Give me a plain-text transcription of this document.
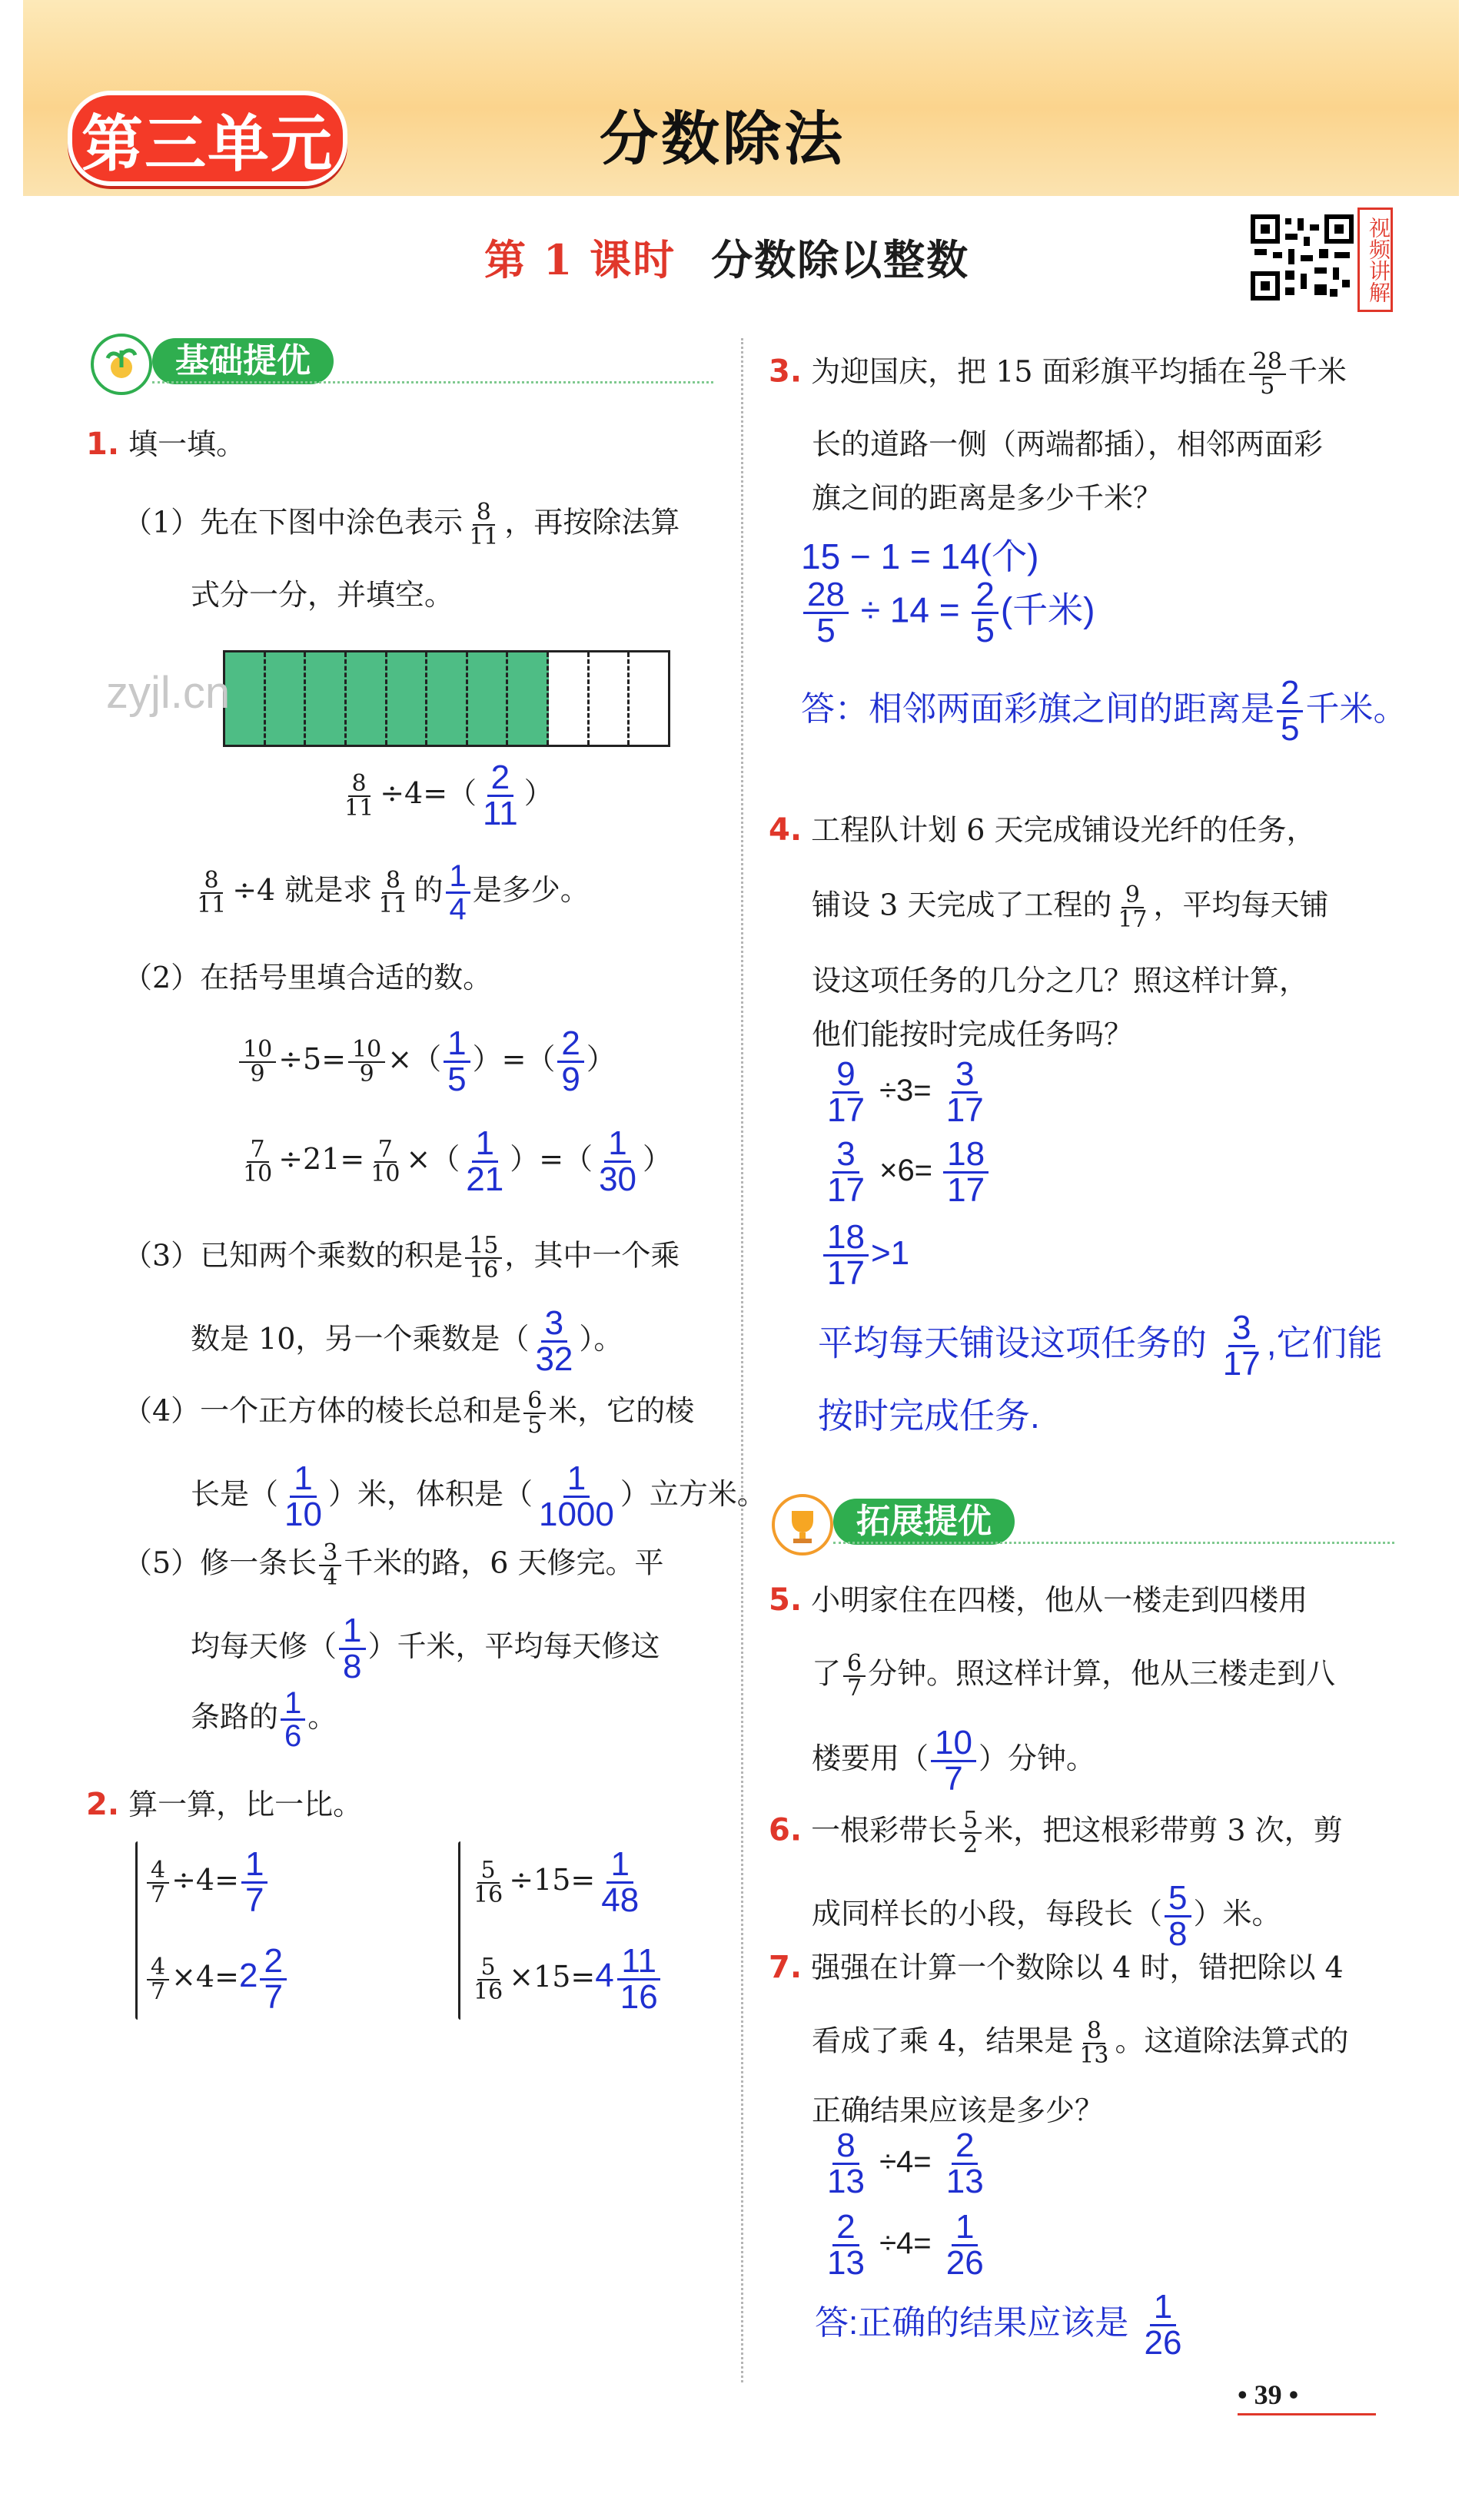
第三单元	分数除法
第 1 课时 分数除以整数	视频讲解
基础提优
1. 填一填。
（1）先在下图中涂色表示 $\frac{8}{11}$ ，再按除法算
式分一分，并填空。
zyjl.cn
$\frac{8}{11} \div 4=( \frac{2}{11}$ ）
$\frac{8}{11} \div 4$ 就是求 $\frac{8}{11}$ 的 $\frac{1}{4}$ 是多少。
（2）在括号里填合适的数。
$\frac{10}{9} \div 5= \frac{10}{9}$ ×（ $\frac{1}{5}$ ）=（ $\frac{2}{9}$ ）
$\frac{7}{10} \div 21= \frac{7}{10}$ ×（ $\frac{1}{21}$ ）=（ $\frac{1}{30}$ ）
（3）已知两个乘数的积是 $\frac{15}{16}$ ，其中一个乘
数是 10，另一个乘数是（ $\frac{3}{32}$ ）。
（4）一个正方体的棱长总和是 $\frac{6}{5}$ 米，它的棱
长是（ $\frac{1}{10}$ ）米，体积是（ $\frac{1}{1000}$ ）立方米。
（5）修一条长 $\frac{3}{4}$ 千米的路，6 天修完。平
均每天修（ $\frac{1}{8}$ ）千米，平均每天修这
条路的 $\frac{1}{6}$ 。
2. 算一算，比一比。
$\frac{4}{7} \div 4= \frac{1}{7}$
$\frac{4}{7} \times 4=2 \frac{2}{7}$
$\frac{5}{16} \div 15= \frac{1}{48}$
$\frac{5}{16} \times 15=4 \frac{11}{16}$
3. 为迎国庆，把 15 面彩旗平均插在 $\frac{28}{5}$ 千米
长的道路一侧（两端都插），相邻两面彩
旗之间的距离是多少千米？
15 − 1 = 14(个)
$\frac{28}{5} \div 14 = \frac{2}{5}$ (千米)
答：相邻两面彩旗之间的距离是 $\frac{2}{5}$ 千米。
4. 工程队计划 6 天完成铺设光纤的任务，
铺设 3 天完成了工程的 $\frac{9}{17}$ ，平均每天铺
设这项任务的几分之几？照这样计算，
他们能按时完成任务吗？
$\frac{9}{17} \div 3= \frac{3}{17}$
$\frac{3}{17} \times 6= \frac{18}{17}$
$\frac{18}{17} >1$
平均每天铺设这项任务的 $\frac{3}{17}$ ,它们能
按时完成任务.
拓展提优
5. 小明家住在四楼，他从一楼走到四楼用
了 $\frac{6}{7}$ 分钟。照这样计算，他从三楼走到八
楼要用（ $\frac{10}{7}$ ）分钟。
6. 一根彩带长 $\frac{5}{2}$ 米，把这根彩带剪 3 次，剪
成同样长的小段，每段长（ $\frac{5}{8}$ ）米。
7. 强强在计算一个数除以 4 时，错把除以 4
看成了乘 4，结果是 $\frac{8}{13}$ 。这道除法算式的
正确结果应该是多少？
$\frac{8}{13} \div 4= \frac{2}{13}$
$\frac{2}{13} \div 4= \frac{1}{26}$
答:正确的结果应该是 $\frac{1}{26}$
• 39 •
